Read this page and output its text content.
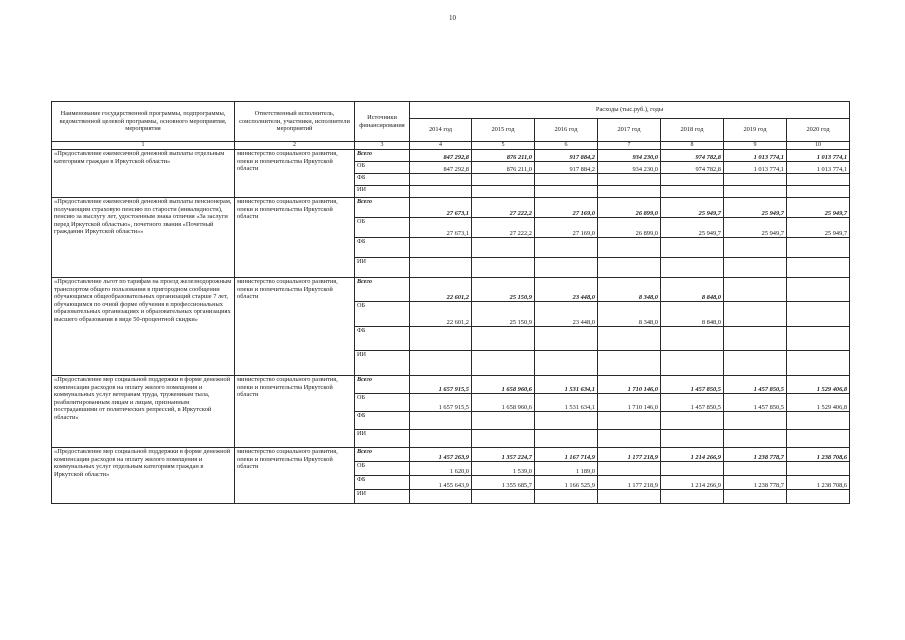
10
Наименование государственной программы, подпрограммы, ведомственной целевой программы, основного мероприятия, мероприятия	Ответственный исполнитель, соисполнители, участники, исполнители мероприятий	Источники финансирования	Расходы (тыс.руб.), годы						
			2014 год	2015 год	2016 год	2017 год	2018 год	2019 год	2020 год
1	2	3	4	5	6	7	8	9	10
«Предоставление ежемесячной денежной выплаты отдельным категориям граждан в Иркутской области»	министерство социального развития, опеки и попечительства Иркутской области	Всего	847 292,8	876 211,0	917 884,2	934 230,0	974 782,8	1 013 774,1	1 013 774,1
		ОБ	847 292,8	876 211,0	917 884,2	934 230,0	974 782,8	1 013 774,1	1 013 774,1
		ФБ							
		ИИ							
«Предоставление ежемесячной денежной выплаты пенсионерам, получающим страховую пенсию по старости (инвалидности), пенсию за выслугу лет, удостоенным знака отличия «За заслуги перед Иркутской областью», почетного звания «Почетный гражданин Иркутской области»»	министерство социального развития, опеки и попечительства Иркутской области	Всего	27 673,1	27 222,2	27 169,0	26 899,0	25 949,7	25 949,7	25 949,7
		ОБ	27 673,1	27 222,2	27 169,0	26 899,0	25 949,7	25 949,7	25 949,7
		ФБ							
		ИИ							
«Предоставление льгот по тарифам на проезд железнодорожным транспортом общего пользования в пригородном сообщении обучающимся общеобразовательных организаций старше 7 лет, обучающимся по очной форме обучения в профессиональных образовательных организациях и образовательных организациях высшего образования в виде 50-процентной скидки»	министерство социального развития, опеки и попечительства Иркутской области	Всего	22 601,2	25 150,9	23 448,0	8 348,0	8 848,0		
		ОБ	22 601,2	25 150,9	23 448,0	8 348,0	8 848,0		
		ФБ							
		ИИ							
«Предоставление мер социальной поддержки в форме денежной компенсации расходов на оплату жилого помещения и коммунальных услуг ветеранам труда, труженикам тыла, реабилитированным лицам и лицам, признанным пострадавшими от политических репрессий, в Иркутской области»	министерство социального развития, опеки и попечительства Иркутской области	Всего	1 657 915,5	1 658 960,6	1 531 634,1	1 710 146,0	1 457 850,5	1 457 850,5	1 529 406,8
		ОБ	1 657 915,5	1 658 960,6	1 531 634,1	1 710 146,0	1 457 850,5	1 457 850,5	1 529 406,8
		ФБ							
		ИИ							
«Предоставление мер социальной поддержки в форме денежной компенсации расходов на оплату жилого помещения и коммунальных услуг отдельным категориям граждан в Иркутской области»	министерство социального развития, опеки и попечительства Иркутской области	Всего	1 457 263,9	1 357 224,7	1 167 714,9	1 177 218,9	1 214 266,9	1 238 778,7	1 238 708,6
		ОБ	1 620,0	1 539,0	1 189,0				
		ФБ	1 455 643,9	1 355 685,7	1 166 525,9	1 177 218,9	1 214 266,9	1 238 778,7	1 238 708,6
		ИИ							
